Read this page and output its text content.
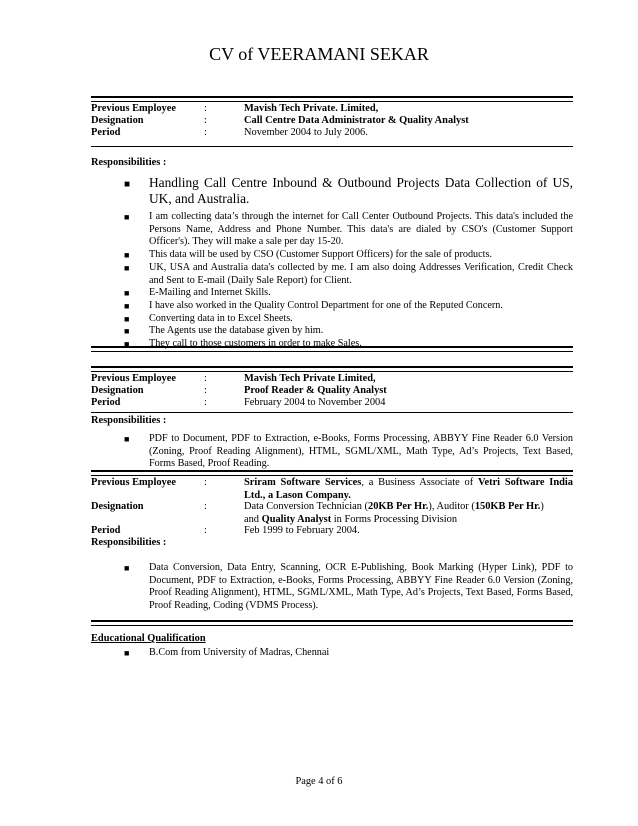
CV of VEERAMANI SEKAR
Previous Employee	:	Mavish Tech Private. Limited,
Designation	:	Call Centre Data Administrator & Quality Analyst
Period	:	November 2004 to July 2006.
Responsibilities :
■ Handling Call Centre Inbound & Outbound Projects Data Collection of US, UK, and Australia.
■ I am collecting data’s through the internet for Call Center Outbound Projects. This data's included the Persons Name, Address and Phone Number. This data's are dialed by CSO's (Customer Support Officer's). They will make a sale per day 15-20.
■ This data will be used by CSO (Customer Support Officers) for the sale of products.
■ UK, USA and Australia data's collected by me. I am also doing Addresses Verification, Credit Check and Sent to E-mail (Daily Sale Report) for Client.
■ E-Mailing and Internet Skills.
■ I have also worked in the Quality Control Department for one of the Reputed Concern.
■ Converting data in to Excel Sheets.
■ The Agents use the database given by him.
■ They call to those customers in order to make Sales.
Previous Employee	:	Mavish Tech Private Limited,
Designation	:	Proof Reader & Quality Analyst
Period	:	February 2004 to November 2004
Responsibilities :
■ PDF to Document, PDF to Extraction, e-Books, Forms Processing, ABBYY Fine Reader 6.0 Version (Zoning, Proof Reading Alignment), HTML, SGML/XML, Math Type, Ad’s Projects, Text Based, Forms Based, Proof Reading.
Previous Employee	:	Sriram Software Services, a Business Associate of Vetri Software India Ltd., a Lason Company.
Designation	:	Data Conversion Technician (20KB Per Hr.), Auditor (150KB Per Hr.) and Quality Analyst in Forms Processing Division
Period	:	Feb 1999 to February 2004.
Responsibilities :
■ Data Conversion, Data Entry, Scanning, OCR E-Publishing, Book Marking (Hyper Link), PDF to Document, PDF to Extraction, e-Books, Forms Processing, ABBYY Fine Reader 6.0 Version (Zoning, Proof Reading Alignment), HTML, SGML/XML, Math Type, Ad’s Projects, Text Based, Forms Based, Proof Reading, Coding (VDMS Process).
Educational Qualification
■ B.Com from University of Madras, Chennai
Page 4 of 6
